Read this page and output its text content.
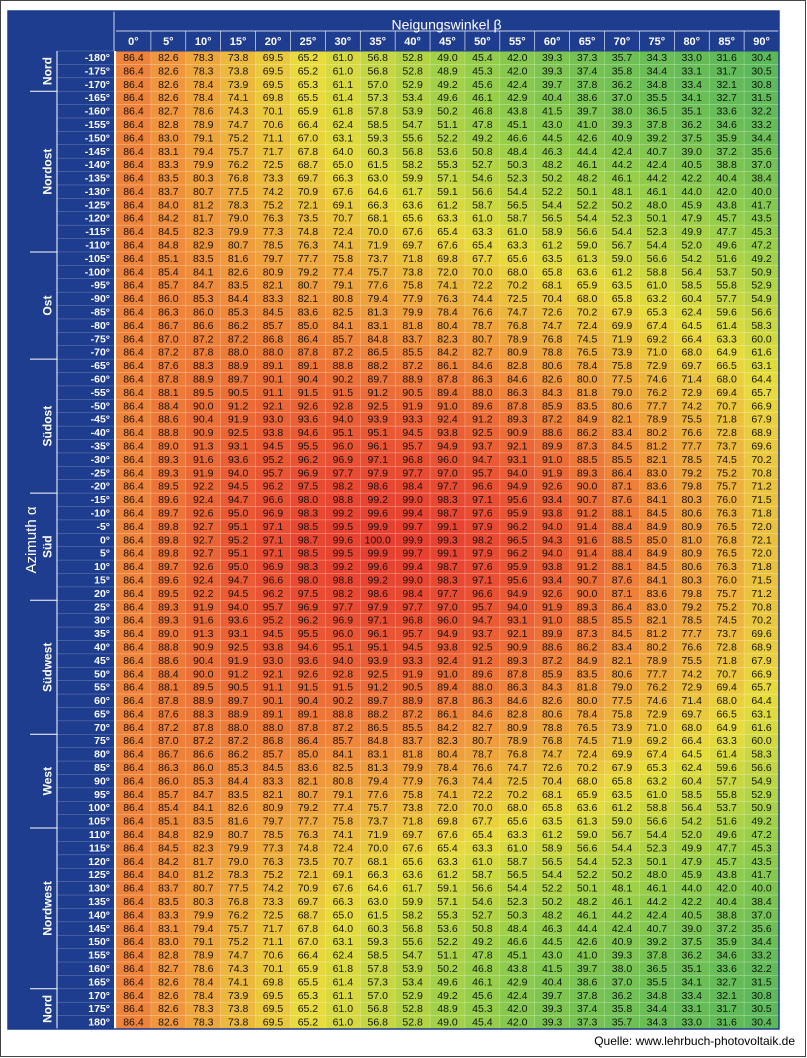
Neigungswinkel β
Azimuth α
Nord
Nordost
Ost
Südost
Süd
Südwest
West
Nordwest
Nord
0° 5° 10° 15° 20° 25° 30° 35° 40° 45° 50° 55° 60° 65° 70° 75° 80° 85° 90°
-180°
-175°
-170°
-165°
-160°
-155°
-150°
-145°
-140°
-135°
-130°
-125°
-120°
-115°
-110°
-105°
-100°
-95°
-90°
-85°
-80°
-75°
-70°
-65°
-60°
-55°
-50°
-45°
-40°
-35°
-30°
-25°
-20°
-15°
-10°
-5°
0°
5°
10°
15°
20°
25°
30°
35°
40°
45°
50°
55°
60°
65°
70°
75°
80°
85°
90°
95°
100°
105°
110°
115°
120°
125°
130°
135°
140°
145°
150°
155°
160°
165°
170°
175°
180°
86.4 82.6 78.3 73.8 69.5 65.2 61.0 56.8 52.8 49.0 45.4 42.0 39.3 37.3 35.7 34.3 33.0 31.6 30.4
86.4 82.6 78.3 73.8 69.5 65.2 61.0 56.8 52.8 48.9 45.3 42.0 39.3 37.4 35.8 34.4 33.1 31.7 30.5
86.4 82.6 78.4 73.9 69.5 65.3 61.1 57.0 52.9 49.2 45.6 42.4 39.7 37.8 36.2 34.8 33.4 32.1 30.8
86.4 82.6 78.4 74.1 69.8 65.5 61.4 57.3 53.4 49.6 46.1 42.9 40.4 38.6 37.0 35.5 34.1 32.7 31.5
86.4 82.7 78.6 74.3 70.1 65.9 61.8 57.8 53.9 50.2 46.8 43.8 41.5 39.7 38.0 36.5 35.1 33.6 32.2
86.4 82.8 78.9 74.7 70.6 66.4 62.4 58.5 54.7 51.1 47.8 45.1 43.0 41.0 39.3 37.8 36.2 34.6 33.2
86.4 83.0 79.1 75.2 71.1 67.0 63.1 59.3 55.6 52.2 49.2 46.6 44.5 42.6 40.9 39.2 37.5 35.9 34.4
86.4 83.1 79.4 75.7 71.7 67.8 64.0 60.3 56.8 53.6 50.8 48.4 46.3 44.4 42.4 40.7 39.0 37.2 35.6
86.4 83.3 79.9 76.2 72.5 68.7 65.0 61.5 58.2 55.3 52.7 50.3 48.2 46.1 44.2 42.4 40.5 38.8 37.0
86.4 83.5 80.3 76.8 73.3 69.7 66.3 63.0 59.9 57.1 54.6 52.3 50.2 48.2 46.1 44.2 42.2 40.4 38.4
86.4 83.7 80.7 77.5 74.2 70.9 67.6 64.6 61.7 59.1 56.6 54.4 52.2 50.1 48.1 46.1 44.0 42.0 40.0
86.4 84.0 81.2 78.3 75.2 72.1 69.1 66.3 63.6 61.2 58.7 56.5 54.4 52.2 50.2 48.0 45.9 43.8 41.7
86.4 84.2 81.7 79.0 76.3 73.5 70.7 68.1 65.6 63.3 61.0 58.7 56.5 54.4 52.3 50.1 47.9 45.7 43.5
86.4 84.5 82.3 79.9 77.3 74.8 72.4 70.0 67.6 65.4 63.3 61.0 58.9 56.6 54.4 52.3 49.9 47.7 45.3
86.4 84.8 82.9 80.7 78.5 76.3 74.1 71.9 69.7 67.6 65.4 63.3 61.2 59.0 56.7 54.4 52.0 49.6 47.2
86.4 85.1 83.5 81.6 79.7 77.7 75.8 73.7 71.8 69.8 67.7 65.6 63.5 61.3 59.0 56.6 54.2 51.6 49.2
86.4 85.4 84.1 82.6 80.9 79.2 77.4 75.7 73.8 72.0 70.0 68.0 65.8 63.6 61.2 58.8 56.4 53.7 50.9
86.4 85.7 84.7 83.5 82.1 80.7 79.1 77.6 75.8 74.1 72.2 70.2 68.1 65.9 63.5 61.0 58.5 55.8 52.9
86.4 86.0 85.3 84.4 83.3 82.1 80.8 79.4 77.9 76.3 74.4 72.5 70.4 68.0 65.8 63.2 60.4 57.7 54.9
86.4 86.3 86.0 85.3 84.5 83.6 82.5 81.3 79.9 78.4 76.6 74.7 72.6 70.2 67.9 65.3 62.4 59.6 56.6
86.4 86.7 86.6 86.2 85.7 85.0 84.1 83.1 81.8 80.4 78.7 76.8 74.7 72.4 69.9 67.4 64.5 61.4 58.3
86.4 87.0 87.2 87.2 86.8 86.4 85.7 84.8 83.7 82.3 80.7 78.9 76.8 74.5 71.9 69.2 66.4 63.3 60.0
86.4 87.2 87.8 88.0 88.0 87.8 87.2 86.5 85.5 84.2 82.7 80.9 78.8 76.5 73.9 71.0 68.0 64.9 61.6
86.4 87.6 88.3 88.9 89.1 89.1 88.8 88.2 87.2 86.1 84.6 82.8 80.6 78.4 75.8 72.9 69.7 66.5 63.1
86.4 87.8 88.9 89.7 90.1 90.4 90.2 89.7 88.9 87.8 86.3 84.6 82.6 80.0 77.5 74.6 71.4 68.0 64.4
86.4 88.1 89.5 90.5 91.1 91.5 91.5 91.2 90.5 89.4 88.0 86.3 84.3 81.8 79.0 76.2 72.9 69.4 65.7
86.4 88.4 90.0 91.2 92.1 92.6 92.8 92.5 91.9 91.0 89.6 87.8 85.9 83.5 80.6 77.7 74.2 70.7 66.9
86.4 88.6 90.4 91.9 93.0 93.6 94.0 93.9 93.3 92.4 91.2 89.3 87.2 84.9 82.1 78.9 75.5 71.8 67.9
86.4 88.8 90.9 92.5 93.8 94.6 95.1 95.1 94.5 93.8 92.5 90.9 88.6 86.2 83.4 80.2 76.6 72.8 68.9
86.4 89.0 91.3 93.1 94.5 95.5 96.0 96.1 95.7 94.9 93.7 92.1 89.9 87.3 84.5 81.2 77.7 73.7 69.6
86.4 89.3 91.6 93.6 95.2 96.2 96.9 97.1 96.8 96.0 94.7 93.1 91.0 88.5 85.5 82.1 78.5 74.5 70.2
86.4 89.3 91.9 94.0 95.7 96.9 97.7 97.9 97.7 97.0 95.7 94.0 91.9 89.3 86.4 83.0 79.2 75.2 70.8
86.4 89.5 92.2 94.5 96.2 97.5 98.2 98.6 98.4 97.7 96.6 94.9 92.6 90.0 87.1 83.6 79.8 75.7 71.2
86.4 89.6 92.4 94.7 96.6 98.0 98.8 99.2 99.0 98.3 97.1 95.6 93.4 90.7 87.6 84.1 80.3 76.0 71.5
86.4 89.7 92.6 95.0 96.9 98.3 99.2 99.6 99.4 98.7 97.6 95.9 93.8 91.2 88.1 84.5 80.6 76.3 71.8
86.4 89.8 92.7 95.1 97.1 98.5 99.5 99.9 99.7 99.1 97.9 96.2 94.0 91.4 88.4 84.9 80.9 76.5 72.0
86.4 89.8 92.7 95.2 97.1 98.7 99.6 100.0 99.9 99.3 98.2 96.5 94.3 91.6 88.5 85.0 81.0 76.8 72.1
86.4 89.8 92.7 95.1 97.1 98.5 99.5 99.9 99.7 99.1 97.9 96.2 94.0 91.4 88.4 84.9 80.9 76.5 72.0
86.4 89.7 92.6 95.0 96.9 98.3 99.2 99.6 99.4 98.7 97.6 95.9 93.8 91.2 88.1 84.5 80.6 76.3 71.8
86.4 89.6 92.4 94.7 96.6 98.0 98.8 99.2 99.0 98.3 97.1 95.6 93.4 90.7 87.6 84.1 80.3 76.0 71.5
86.4 89.5 92.2 94.5 96.2 97.5 98.2 98.6 98.4 97.7 96.6 94.9 92.6 90.0 87.1 83.6 79.8 75.7 71.2
86.4 89.3 91.9 94.0 95.7 96.9 97.7 97.9 97.7 97.0 95.7 94.0 91.9 89.3 86.4 83.0 79.2 75.2 70.8
86.4 89.3 91.6 93.6 95.2 96.2 96.9 97.1 96.8 96.0 94.7 93.1 91.0 88.5 85.5 82.1 78.5 74.5 70.2
86.4 89.0 91.3 93.1 94.5 95.5 96.0 96.1 95.7 94.9 93.7 92.1 89.9 87.3 84.5 81.2 77.7 73.7 69.6
86.4 88.8 90.9 92.5 93.8 94.6 95.1 95.1 94.5 93.8 92.5 90.9 88.6 86.2 83.4 80.2 76.6 72.8 68.9
86.4 88.6 90.4 91.9 93.0 93.6 94.0 93.9 93.3 92.4 91.2 89.3 87.2 84.9 82.1 78.9 75.5 71.8 67.9
86.4 88.4 90.0 91.2 92.1 92.6 92.8 92.5 91.9 91.0 89.6 87.8 85.9 83.5 80.6 77.7 74.2 70.7 66.9
86.4 88.1 89.5 90.5 91.1 91.5 91.5 91.2 90.5 89.4 88.0 86.3 84.3 81.8 79.0 76.2 72.9 69.4 65.7
86.4 87.8 88.9 89.7 90.1 90.4 90.2 89.7 88.9 87.8 86.3 84.6 82.6 80.0 77.5 74.6 71.4 68.0 64.4
86.4 87.6 88.3 88.9 89.1 89.1 88.8 88.2 87.2 86.1 84.6 82.8 80.6 78.4 75.8 72.9 69.7 66.5 63.1
86.4 87.2 87.8 88.0 88.0 87.8 87.2 86.5 85.5 84.2 82.7 80.9 78.8 76.5 73.9 71.0 68.0 64.9 61.6
86.4 87.0 87.2 87.2 86.8 86.4 85.7 84.8 83.7 82.3 80.7 78.9 76.8 74.5 71.9 69.2 66.4 63.3 60.0
86.4 86.7 86.6 86.2 85.7 85.0 84.1 83.1 81.8 80.4 78.7 76.8 74.7 72.4 69.9 67.4 64.5 61.4 58.3
86.4 86.3 86.0 85.3 84.5 83.6 82.5 81.3 79.9 78.4 76.6 74.7 72.6 70.2 67.9 65.3 62.4 59.6 56.6
86.4 86.0 85.3 84.4 83.3 82.1 80.8 79.4 77.9 76.3 74.4 72.5 70.4 68.0 65.8 63.2 60.4 57.7 54.9
86.4 85.7 84.7 83.5 82.1 80.7 79.1 77.6 75.8 74.1 72.2 70.2 68.1 65.9 63.5 61.0 58.5 55.8 52.9
86.4 85.4 84.1 82.6 80.9 79.2 77.4 75.7 73.8 72.0 70.0 68.0 65.8 63.6 61.2 58.8 56.4 53.7 50.9
86.4 85.1 83.5 81.6 79.7 77.7 75.8 73.7 71.8 69.8 67.7 65.6 63.5 61.3 59.0 56.6 54.2 51.6 49.2
86.4 84.8 82.9 80.7 78.5 76.3 74.1 71.9 69.7 67.6 65.4 63.3 61.2 59.0 56.7 54.4 52.0 49.6 47.2
86.4 84.5 82.3 79.9 77.3 74.8 72.4 70.0 67.6 65.4 63.3 61.0 58.9 56.6 54.4 52.3 49.9 47.7 45.3
86.4 84.2 81.7 79.0 76.3 73.5 70.7 68.1 65.6 63.3 61.0 58.7 56.5 54.4 52.3 50.1 47.9 45.7 43.5
86.4 84.0 81.2 78.3 75.2 72.1 69.1 66.3 63.6 61.2 58.7 56.5 54.4 52.2 50.2 48.0 45.9 43.8 41.7
86.4 83.7 80.7 77.5 74.2 70.9 67.6 64.6 61.7 59.1 56.6 54.4 52.2 50.1 48.1 46.1 44.0 42.0 40.0
86.4 83.5 80.3 76.8 73.3 69.7 66.3 63.0 59.9 57.1 54.6 52.3 50.2 48.2 46.1 44.2 42.2 40.4 38.4
86.4 83.3 79.9 76.2 72.5 68.7 65.0 61.5 58.2 55.3 52.7 50.3 48.2 46.1 44.2 42.4 40.5 38.8 37.0
86.4 83.1 79.4 75.7 71.7 67.8 64.0 60.3 56.8 53.6 50.8 48.4 46.3 44.4 42.4 40.7 39.0 37.2 35.6
86.4 83.0 79.1 75.2 71.1 67.0 63.1 59.3 55.6 52.2 49.2 46.6 44.5 42.6 40.9 39.2 37.5 35.9 34.4
86.4 82.8 78.9 74.7 70.6 66.4 62.4 58.5 54.7 51.1 47.8 45.1 43.0 41.0 39.3 37.8 36.2 34.6 33.2
86.4 82.7 78.6 74.3 70.1 65.9 61.8 57.8 53.9 50.2 46.8 43.8 41.5 39.7 38.0 36.5 35.1 33.6 32.2
86.4 82.6 78.4 74.1 69.8 65.5 61.4 57.3 53.4 49.6 46.1 42.9 40.4 38.6 37.0 35.5 34.1 32.7 31.5
86.4 82.6 78.4 73.9 69.5 65.3 61.1 57.0 52.9 49.2 45.6 42.4 39.7 37.8 36.2 34.8 33.4 32.1 30.8
86.4 82.6 78.3 73.8 69.5 65.2 61.0 56.8 52.8 48.9 45.3 42.0 39.3 37.4 35.8 34.4 33.1 31.7 30.5
86.4 82.6 78.3 73.8 69.5 65.2 61.0 56.8 52.8 49.0 45.4 42.0 39.3 37.3 35.7 34.3 33.0 31.6 30.4
Quelle: www.lehrbuch-photovoltaik.de
